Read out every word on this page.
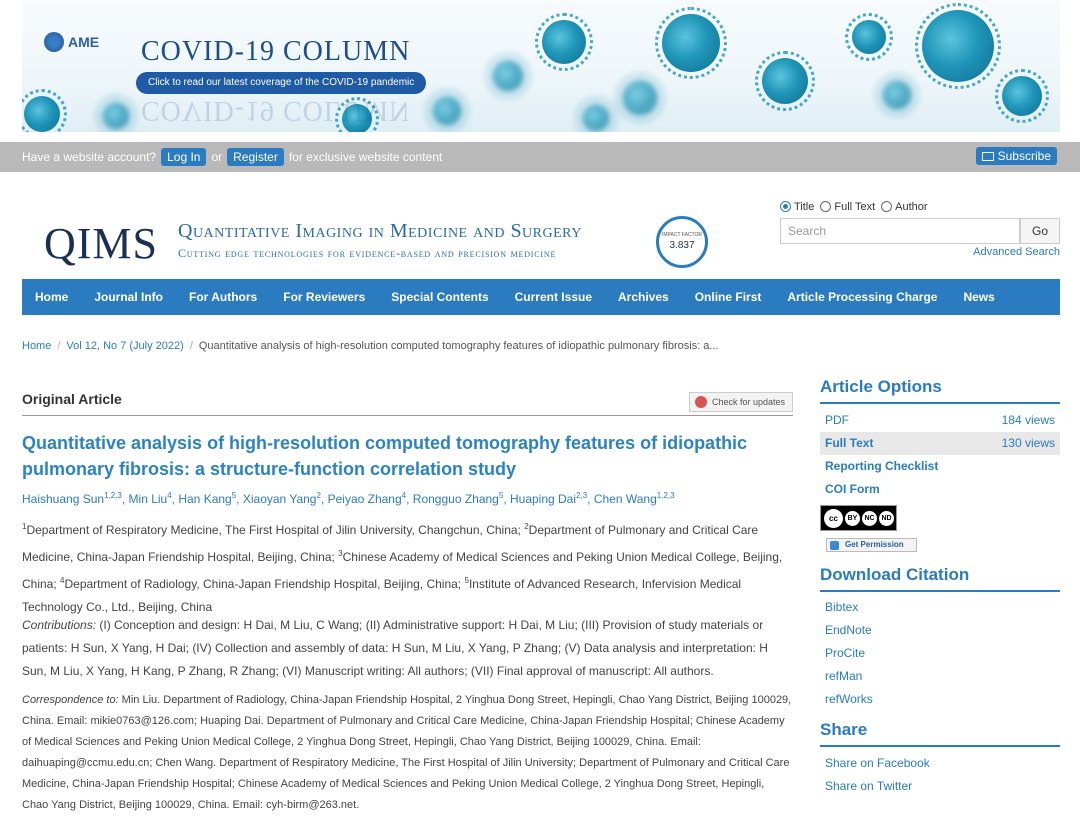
AME COVID-19 COLUMN
COVID-19 COLUMN
Click to read our latest coverage of the COVID-19 pandemic
Have a website account? Log In or Register for exclusive website content	Subscribe
QIMS Quantitative Imaging in Medicine and Surgery
Cutting edge technologies for evidence-based and precision medicine
IMPACT FACTOR
3.837
Title	Full Text	Author
Search	Go
Advanced Search
Home	Journal Info	For Authors	For Reviewers	Special Contents	Current Issue	Archives	Online First	Article Processing Charge	News
Home / Vol 12, No 7 (July 2022) / Quantitative analysis of high-resolution computed tomography features of idiopathic pulmonary fibrosis: a...
Original Article	Check for updates
Quantitative analysis of high-resolution computed tomography features of idiopathic pulmonary fibrosis: a structure-function correlation study
Haishuang Sun$^{1,2,3}$, Min Liu$^4$, Han Kang$^5$, Xiaoyan Yang$^2$, Peiyao Zhang$^4$, Rongguo Zhang$^5$, Huaping Dai$^{2,3}$, Chen Wang$^{1,2,3}$
$^1$Department of Respiratory Medicine, The First Hospital of Jilin University, Changchun, China; $^2$Department of Pulmonary and Critical Care Medicine, China-Japan Friendship Hospital, Beijing, China; $^3$Chinese Academy of Medical Sciences and Peking Union Medical College, Beijing, China; $^4$Department of Radiology, China-Japan Friendship Hospital, Beijing, China; $^5$Institute of Advanced Research, Infervision Medical Technology Co., Ltd., Beijing, China
Contributions: (I) Conception and design: H Dai, M Liu, C Wang; (II) Administrative support: H Dai, M Liu; (III) Provision of study materials or patients: H Sun, X Yang, H Dai; (IV) Collection and assembly of data: H Sun, M Liu, X Yang, P Zhang; (V) Data analysis and interpretation: H Sun, M Liu, X Yang, H Kang, P Zhang, R Zhang; (VI) Manuscript writing: All authors; (VII) Final approval of manuscript: All authors.
Correspondence to: Min Liu. Department of Radiology, China-Japan Friendship Hospital, 2 Yinghua Dong Street, Hepingli, Chao Yang District, Beijing 100029, China. Email: mikie0763@126.com; Huaping Dai. Department of Pulmonary and Critical Care Medicine, China-Japan Friendship Hospital; Chinese Academy of Medical Sciences and Peking Union Medical College, 2 Yinghua Dong Street, Hepingli, Chao Yang District, Beijing 100029, China. Email: daihuaping@ccmu.edu.cn; Chen Wang. Department of Respiratory Medicine, The First Hospital of Jilin University; Department of Pulmonary and Critical Care Medicine, China-Japan Friendship Hospital; Chinese Academy of Medical Sciences and Peking Union Medical College, 2 Yinghua Dong Street, Hepingli, Chao Yang District, Beijing 100029, China. Email: cyh-birm@263.net.
Article Options
PDF	184 views
Full Text	130 views
Reporting Checklist
COI Form
cc	BY	NC ND
Get Permission
Download Citation
Bibtex
EndNote
ProCite
refMan
refWorks
Share
Share on Facebook
Share on Twitter
